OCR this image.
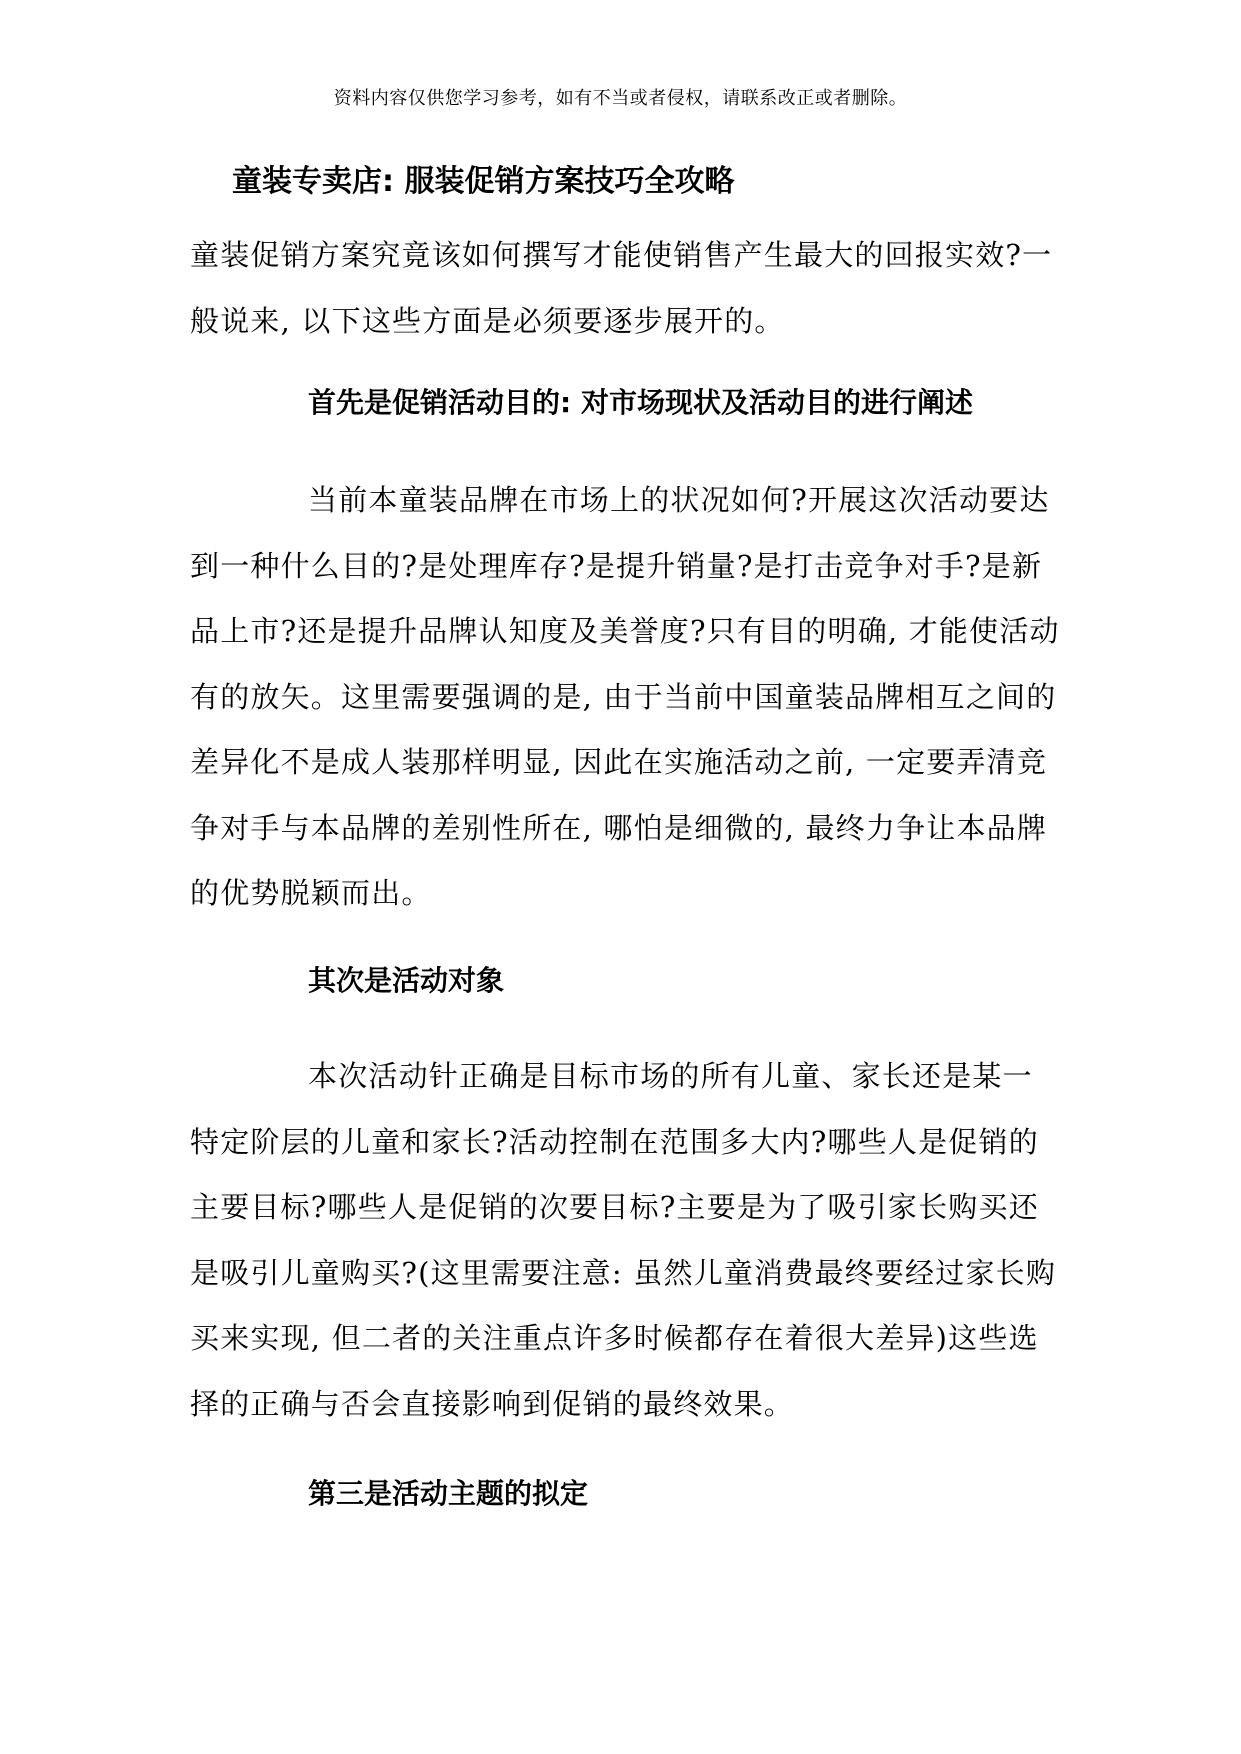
资料内容仅供您学习参考，如有不当或者侵权，请联系改正或者删除。
童装专卖店: 服装促销方案技巧全攻略

童装促销方案究竟该如何撰写才能使销售产生最大的回报实效?一
般说来, 以下这些方面是必须要逐步展开的。

首先是促销活动目的: 对市场现状及活动目的进行阐述

当前本童装品牌在市场上的状况如何?开展这次活动要达
到一种什么目的?是处理库存?是提升销量?是打击竞争对手?是新
品上市?还是提升品牌认知度及美誉度?只有目的明确, 才能使活动
有的放矢。这里需要强调的是, 由于当前中国童装品牌相互之间的
差异化不是成人装那样明显, 因此在实施活动之前, 一定要弄清竞
争对手与本品牌的差别性所在, 哪怕是细微的, 最终力争让本品牌
的优势脱颖而出。

其次是活动对象

本次活动针正确是目标市场的所有儿童、家长还是某一
特定阶层的儿童和家长?活动控制在范围多大内?哪些人是促销的
主要目标?哪些人是促销的次要目标?主要是为了吸引家长购买还
是吸引儿童购买?(这里需要注意: 虽然儿童消费最终要经过家长购
买来实现, 但二者的关注重点许多时候都存在着很大差异)这些选
择的正确与否会直接影响到促销的最终效果。

第三是活动主题的拟定
